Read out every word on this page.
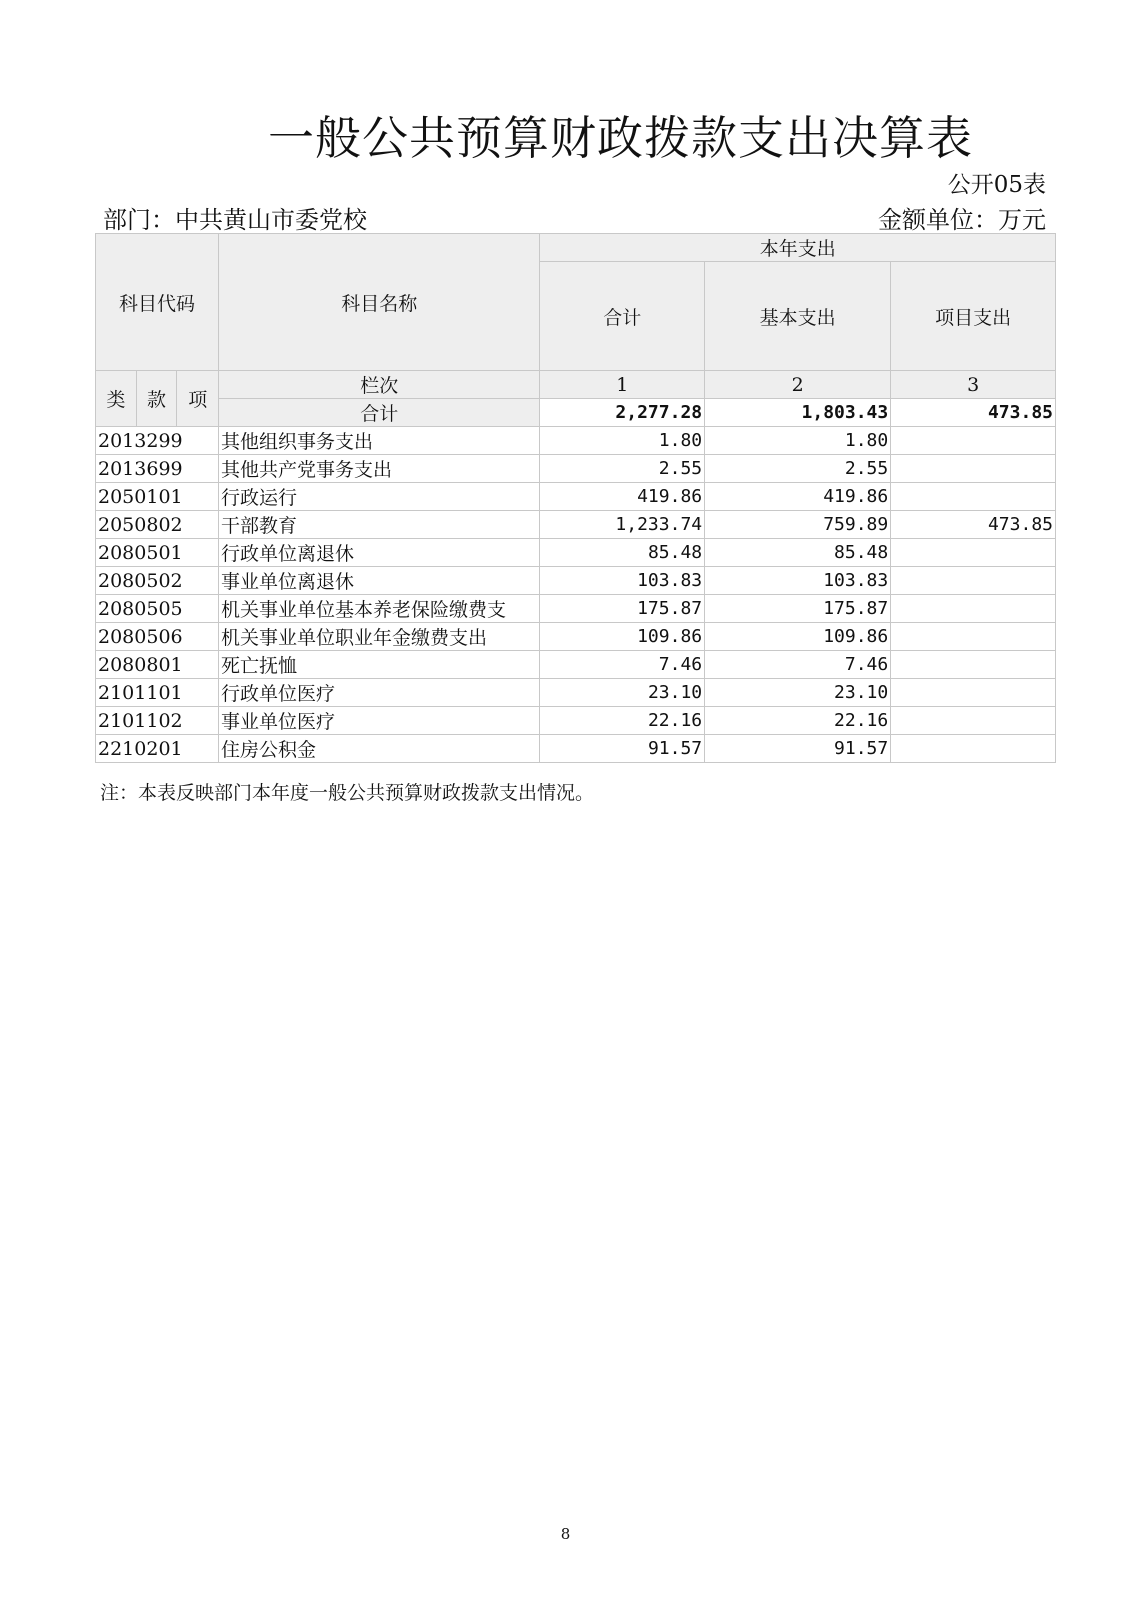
一般公共预算财政拨款支出决算表
公开05表
部门：中共黄山市委党校	金额单位：万元
科目代码			科目名称	本年支出		
				合计	基本支出	项目支出
类	款	项	栏次	1	2	3
			合计	2,277.28	1,803.43	473.85
2013299			其他组织事务支出	1.80	1.80	
2013699			其他共产党事务支出	2.55	2.55	
2050101			行政运行	419.86	419.86	
2050802			干部教育	1,233.74	759.89	473.85
2080501			行政单位离退休	85.48	85.48	
2080502			事业单位离退休	103.83	103.83	
2080505			机关事业单位基本养老保险缴费支	175.87	175.87	
2080506			机关事业单位职业年金缴费支出	109.86	109.86	
2080801			死亡抚恤	7.46	7.46	
2101101			行政单位医疗	23.10	23.10	
2101102			事业单位医疗	22.16	22.16	
2210201			住房公积金	91.57	91.57	
注：本表反映部门本年度一般公共预算财政拨款支出情况。
8
